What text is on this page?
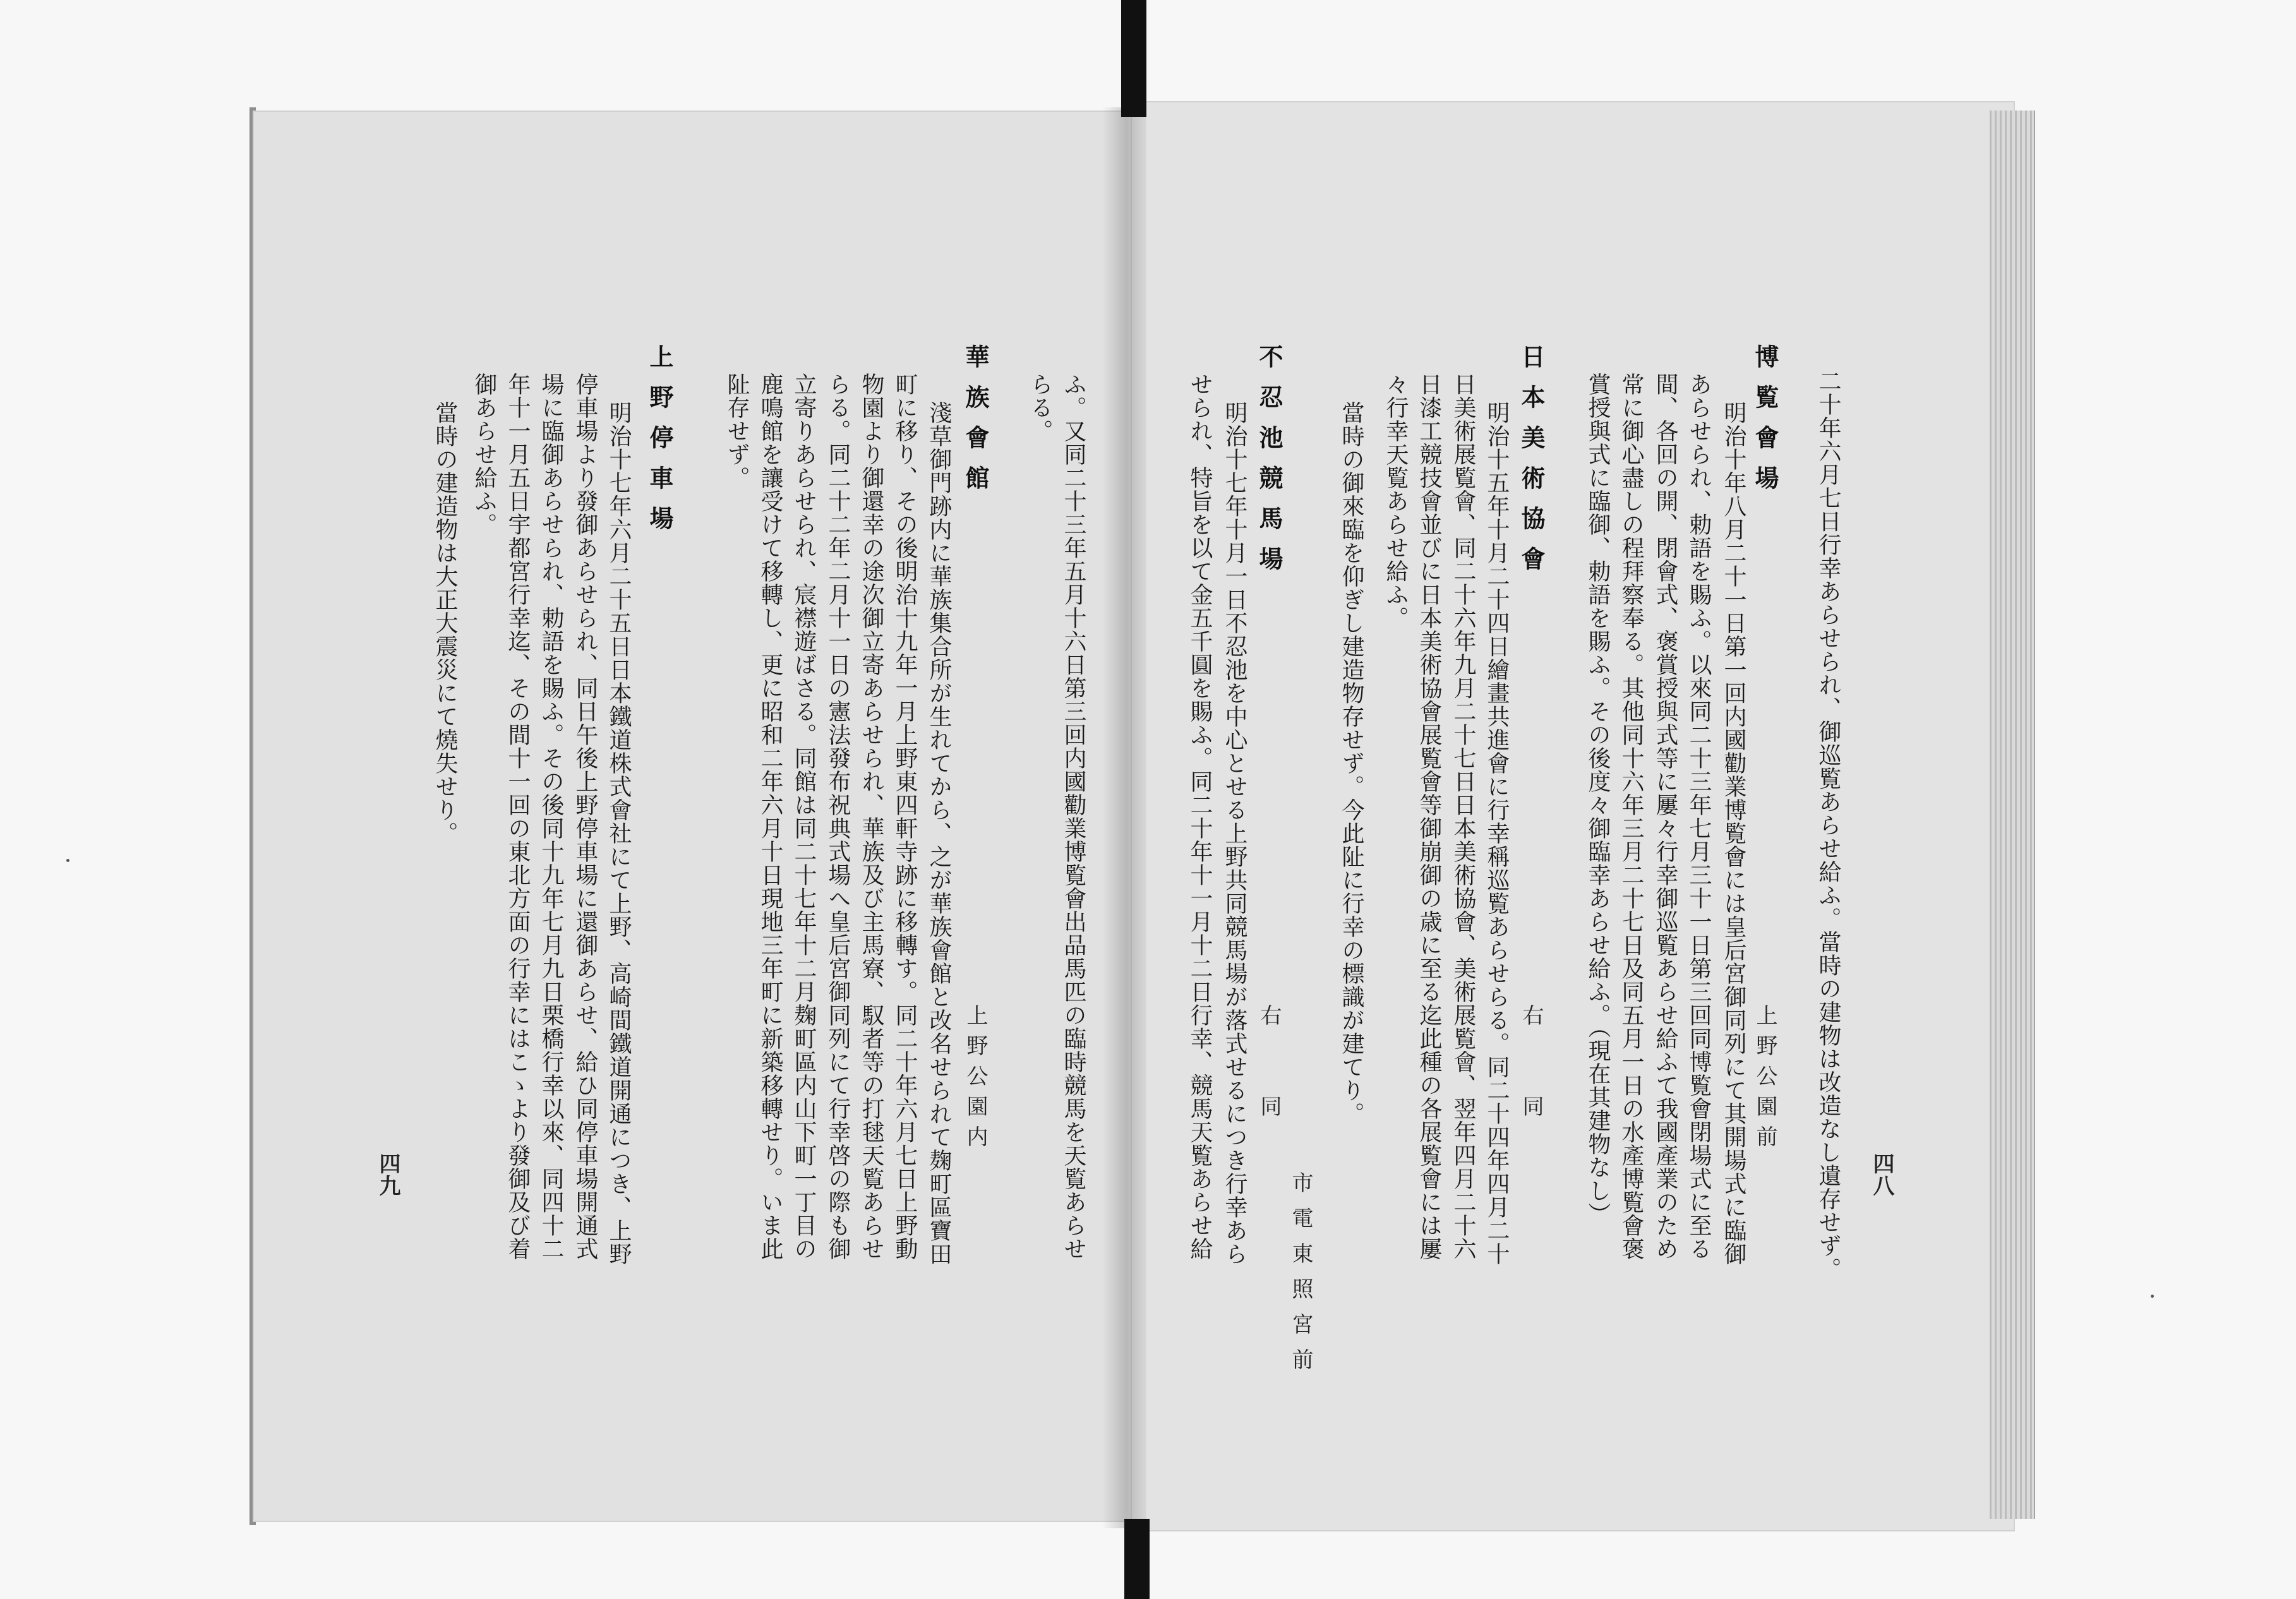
二十年六月七日行幸あらせられ、御巡覧あらせ給ふ。當時の建物は改造なし遺存せず。
博覧會場
上野公園前
明治十年八月二十一日第一回内國勸業博覧會には皇后宮御同列にて其開場式に臨御
あらせられ、勅語を賜ふ。以來同二十三年七月三十一日第三回同博覧會閉場式に至る
間、各回の開、閉會式、褒賞授與式等に屢々行幸御巡覧あらせ給ふて我國產業のため
常に御心盡しの程拜察奉る。其他同十六年三月二十七日及同五月一日の水產博覧會褒
賞授與式に臨御、勅語を賜ふ。その後度々御臨幸あらせ給ふ。（現在其建物なし）
日本美術協會
右　　同
明治十五年十月二十四日繪畫共進會に行幸稱巡覧あらせらる。同二十四年四月二十
日美術展覧會、同二十六年九月二十七日日本美術協會、美術展覧會、翌年四月二十六
日漆工競技會並びに日本美術協會展覧會等御崩御の歳に至る迄此種の各展覧會には屢
々行幸天覧あらせ給ふ。
當時の御來臨を仰ぎし建造物存せず。今此阯に行幸の標識が建てり。
不忍池競馬場
右　　同
市電東照宮前
明治十七年十月一日不忍池を中心とせる上野共同競馬場が落式せるにつき行幸あら
せられ、特旨を以て金五千圓を賜ふ。同二十年十一月十二日行幸、競馬天覧あらせ給	四八
ふ。又同二十三年五月十六日第三回内國勸業博覧會出品馬匹の臨時競馬を天覧あらせ
らる。
華族會館
上野公園内
淺草御門跡内に華族集合所が生れてから、之が華族會館と改名せられて麹町區寶田
町に移り、その後明治十九年一月上野東四軒寺跡に移轉す。同二十年六月七日上野動
物園より御還幸の途次御立寄あらせられ、華族及び主馬寮、馭者等の打毬天覧あらせ
らる。同二十二年二月十一日の憲法發布祝典式場へ皇后宮御同列にて行幸啓の際も御
立寄りあらせられ、宸襟遊ばさる。同館は同二十七年十二月麹町區内山下町一丁目の
鹿鳴館を讓受けて移轉し、更に昭和二年六月十日現地三年町に新築移轉せり。いま此
阯存せず。
上野停車場
明治十七年六月二十五日日本鐵道株式會社にて上野、高崎間鐵道開通につき、上野
停車場より發御あらせられ、同日午後上野停車場に還御あらせ、給ひ同停車場開通式
場に臨御あらせられ、勅語を賜ふ。その後同十九年七月九日栗橋行幸以來、同四十二
年十一月五日宇都宮行幸迄、その間十一回の東北方面の行幸にはこゝより發御及び着
御あらせ給ふ。
當時の建造物は大正大震災にて燒失せり。
四九
